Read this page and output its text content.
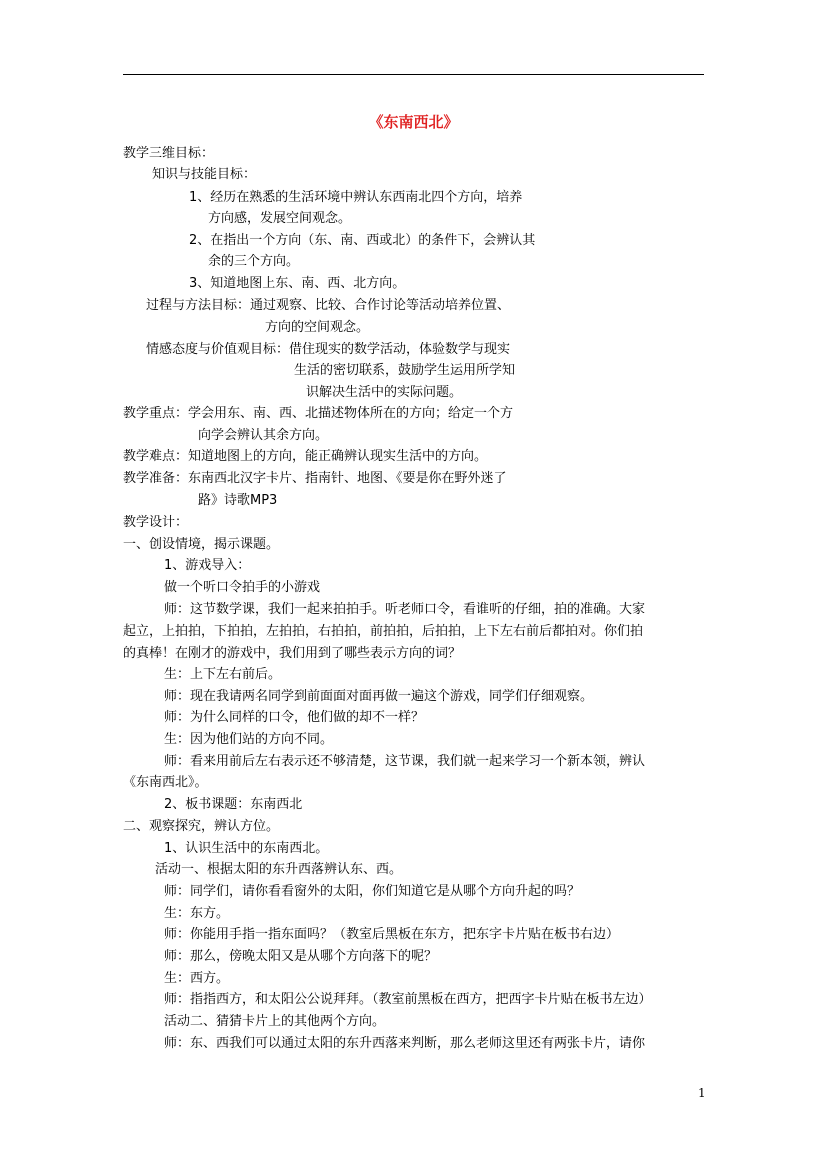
《东南西北》
教学三维目标：
知识与技能目标：
1、经历在熟悉的生活环境中辨认东西南北四个方向，培养
方向感，发展空间观念。
2、在指出一个方向（东、南、西或北）的条件下，会辨认其
余的三个方向。
3、知道地图上东、南、西、北方向。
过程与方法目标：通过观察、比较、合作讨论等活动培养位置、
方向的空间观念。
情感态度与价值观目标：借住现实的数学活动，体验数学与现实
生活的密切联系，鼓励学生运用所学知
识解决生活中的实际问题。
教学重点：学会用东、南、西、北描述物体所在的方向；给定一个方
向学会辨认其余方向。
教学难点：知道地图上的方向，能正确辨认现实生活中的方向。
教学准备：东南西北汉字卡片、指南针、地图、《要是你在野外迷了
路》诗歌MP3
教学设计：
一、创设情境，揭示课题。
1、游戏导入：
做一个听口令拍手的小游戏
师：这节数学课，我们一起来拍拍手。听老师口令，看谁听的仔细，拍的准确。大家
起立，上拍拍，下拍拍，左拍拍，右拍拍，前拍拍，后拍拍，上下左右前后都拍对。你们拍
的真棒！在刚才的游戏中，我们用到了哪些表示方向的词？
生：上下左右前后。
师：现在我请两名同学到前面面对面再做一遍这个游戏，同学们仔细观察。
师：为什么同样的口令，他们做的却不一样？
生：因为他们站的方向不同。
师：看来用前后左右表示还不够清楚，这节课，我们就一起来学习一个新本领，辨认
《东南西北》。
2、板书课题：东南西北
二、观察探究，辨认方位。
1、认识生活中的东南西北。
活动一、根据太阳的东升西落辨认东、西。
师：同学们，请你看看窗外的太阳，你们知道它是从哪个方向升起的吗？
生：东方。
师：你能用手指一指东面吗？（教室后黑板在东方，把东字卡片贴在板书右边）
师：那么，傍晚太阳又是从哪个方向落下的呢？
生：西方。
师：指指西方，和太阳公公说拜拜。（教室前黑板在西方，把西字卡片贴在板书左边）
活动二、猜猜卡片上的其他两个方向。
师：东、西我们可以通过太阳的东升西落来判断，那么老师这里还有两张卡片，请你
1
